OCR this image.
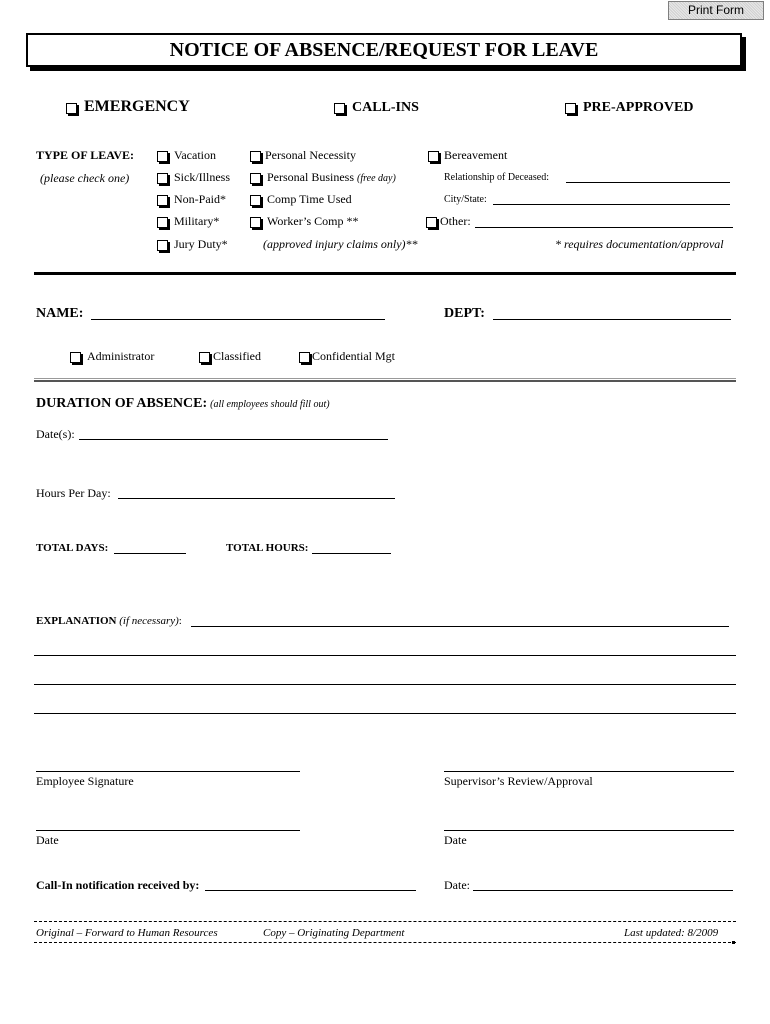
Print Form
NOTICE OF ABSENCE/REQUEST FOR LEAVE
EMERGENCY	CALL-INS	PRE-APPROVED
TYPE OF LEAVE:
(please check one)
Vacation
Sick/Illness
Non-Paid*
Military*
Jury Duty*
Personal Necessity
Personal Business (free day)
Comp Time Used
Worker’s Comp **
(approved injury claims only)**
Bereavement
Relationship of Deceased:
City/State:
Other:
* requires documentation/approval
NAME:	DEPT:
Administrator	Classified	Confidential Mgt
DURATION OF ABSENCE: (all employees should fill out)
Date(s):
Hours Per Day:
TOTAL DAYS:	TOTAL HOURS:
EXPLANATION (if necessary):
Employee Signature	Supervisor’s Review/Approval
Date	Date
Call-In notification received by:	Date:
Original – Forward to Human Resources	Copy – Originating Department	Last updated: 8/2009
